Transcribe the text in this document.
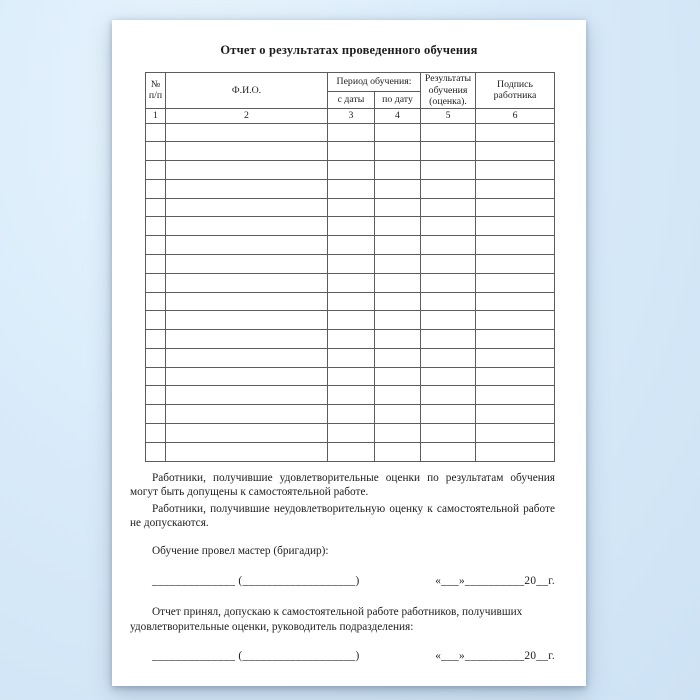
Отчет о результатах проведенного обучения
№ п/п	Ф.И.О.	Период обучения:		Результаты обучения (оценка).	Подпись работника
		с даты	по дату		
1	2	3	4	5	6

Работники, получившие удовлетворительные оценки по результатам обучения могут быть допущены к самостоятельной работе.

Работники, получившие неудовлетворительную оценку к самостоятельной работе не допускаются.

Обучение провел мастер (бригадир):

______________ (___________________)	«___»__________20__г.

Отчет принял, допускаю к самостоятельной работе работников, получивших удовлетворительные оценки, руководитель подразделения:

______________ (___________________)	«___»__________20__г.
